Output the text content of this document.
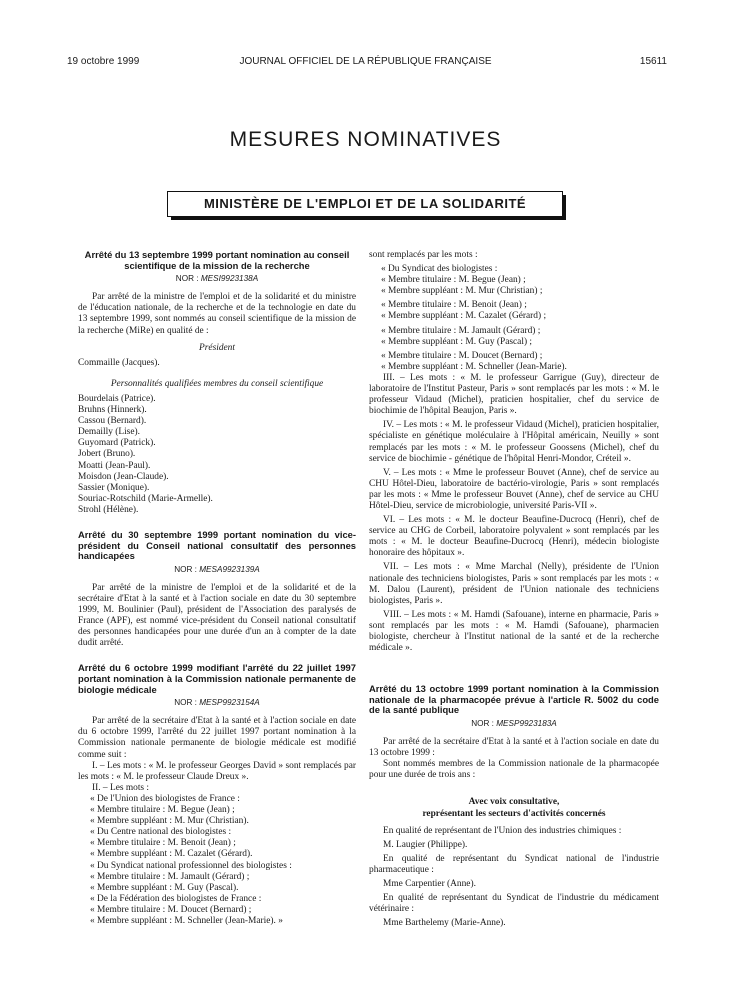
19 octobre 1999	JOURNAL OFFICIEL DE LA RÉPUBLIQUE FRANÇAISE	15611
MESURES NOMINATIVES
MINISTÈRE DE L'EMPLOI ET DE LA SOLIDARITÉ

Arrêté du 13 septembre 1999 portant nomination au conseil scientifique de la mission de la recherche

NOR : MESI9923138A

Par arrêté de la ministre de l'emploi et de la solidarité et du ministre de l'éducation nationale, de la recherche et de la technologie en date du 13 septembre 1999, sont nommés au conseil scientifique de la mission de la recherche (MiRe) en qualité de :

Président

Commaille (Jacques).

Personnalités qualifiées membres du conseil scientifique

Bourdelais (Patrice).

Bruhns (Hinnerk).

Cassou (Bernard).

Demailly (Lise).

Guyomard (Patrick).

Jobert (Bruno).

Moatti (Jean-Paul).

Moisdon (Jean-Claude).

Sassier (Monique).

Souriac-Rotschild (Marie-Armelle).

Strohl (Hélène).

Arrêté du 30 septembre 1999 portant nomination du vice-président du Conseil national consultatif des personnes handicapées

NOR : MESA9923139A

Par arrêté de la ministre de l'emploi et de la solidarité et de la secrétaire d'Etat à la santé et à l'action sociale en date du 30 septembre 1999, M. Boulinier (Paul), président de l'Association des paralysés de France (APF), est nommé vice-président du Conseil national consultatif des personnes handicapées pour une durée d'un an à compter de la date dudit arrêté.

Arrêté du 6 octobre 1999 modifiant l'arrêté du 22 juillet 1997 portant nomination à la Commission nationale permanente de biologie médicale

NOR : MESP9923154A

Par arrêté de la secrétaire d'Etat à la santé et à l'action sociale en date du 6 octobre 1999, l'arrêté du 22 juillet 1997 portant nomination à la Commission nationale permanente de biologie médicale est modifié comme suit :

I. – Les mots : « M. le professeur Georges David » sont remplacés par les mots : « M. le professeur Claude Dreux ».

II. – Les mots :

« De l'Union des biologistes de France :

« Membre titulaire : M. Begue (Jean) ;

« Membre suppléant : M. Mur (Christian).

« Du Centre national des biologistes :

« Membre titulaire : M. Benoit (Jean) ;

« Membre suppléant : M. Cazalet (Gérard).

« Du Syndicat national professionnel des biologistes :

« Membre titulaire : M. Jamault (Gérard) ;

« Membre suppléant : M. Guy (Pascal).

« De la Fédération des biologistes de France :

« Membre titulaire : M. Doucet (Bernard) ;

« Membre suppléant : M. Schneller (Jean-Marie). »

sont remplacés par les mots :

« Du Syndicat des biologistes :

« Membre titulaire : M. Begue (Jean) ;

« Membre suppléant : M. Mur (Christian) ;

« Membre titulaire : M. Benoit (Jean) ;

« Membre suppléant : M. Cazalet (Gérard) ;

« Membre titulaire : M. Jamault (Gérard) ;

« Membre suppléant : M. Guy (Pascal) ;

« Membre titulaire : M. Doucet (Bernard) ;

« Membre suppléant : M. Schneller (Jean-Marie).

III. – Les mots : « M. le professeur Garrigue (Guy), directeur de laboratoire de l'Institut Pasteur, Paris » sont remplacés par les mots : « M. le professeur Vidaud (Michel), praticien hospitalier, chef du service de biochimie de l'hôpital Beaujon, Paris ».

IV. – Les mots : « M. le professeur Vidaud (Michel), praticien hospitalier, spécialiste en génétique moléculaire à l'Hôpital américain, Neuilly » sont remplacés par les mots : « M. le professeur Goossens (Michel), chef du service de biochimie - génétique de l'hôpital Henri-Mondor, Créteil ».

V. – Les mots : « Mme le professeur Bouvet (Anne), chef de service au CHU Hôtel-Dieu, laboratoire de bactério-virologie, Paris » sont remplacés par les mots : « Mme le professeur Bouvet (Anne), chef de service au CHU Hôtel-Dieu, service de microbiologie, université Paris-VII ».

VI. – Les mots : « M. le docteur Beaufine-Ducrocq (Henri), chef de service au CHG de Corbeil, laboratoire polyvalent » sont remplacés par les mots : « M. le docteur Beaufine-Ducrocq (Henri), médecin biologiste honoraire des hôpitaux ».

VII. – Les mots : « Mme Marchal (Nelly), présidente de l'Union nationale des techniciens biologistes, Paris » sont remplacés par les mots : « M. Dalou (Laurent), président de l'Union nationale des techniciens biologistes, Paris ».

VIII. – Les mots : « M. Hamdi (Safouane), interne en pharmacie, Paris » sont remplacés par les mots : « M. Hamdi (Safouane), pharmacien biologiste, chercheur à l'Institut national de la santé et de la recherche médicale ».

Arrêté du 13 octobre 1999 portant nomination à la Commission nationale de la pharmacopée prévue à l'article R. 5002 du code de la santé publique

NOR : MESP9923183A

Par arrêté de la secrétaire d'Etat à la santé et à l'action sociale en date du 13 octobre 1999 :

Sont nommés membres de la Commission nationale de la pharmacopée pour une durée de trois ans :

Avec voix consultative,

représentant les secteurs d'activités concernés

En qualité de représentant de l'Union des industries chimiques :

M. Laugier (Philippe).

En qualité de représentant du Syndicat national de l'industrie pharmaceutique :

Mme Carpentier (Anne).

En qualité de représentant du Syndicat de l'industrie du médicament vétérinaire :

Mme Barthelemy (Marie-Anne).
